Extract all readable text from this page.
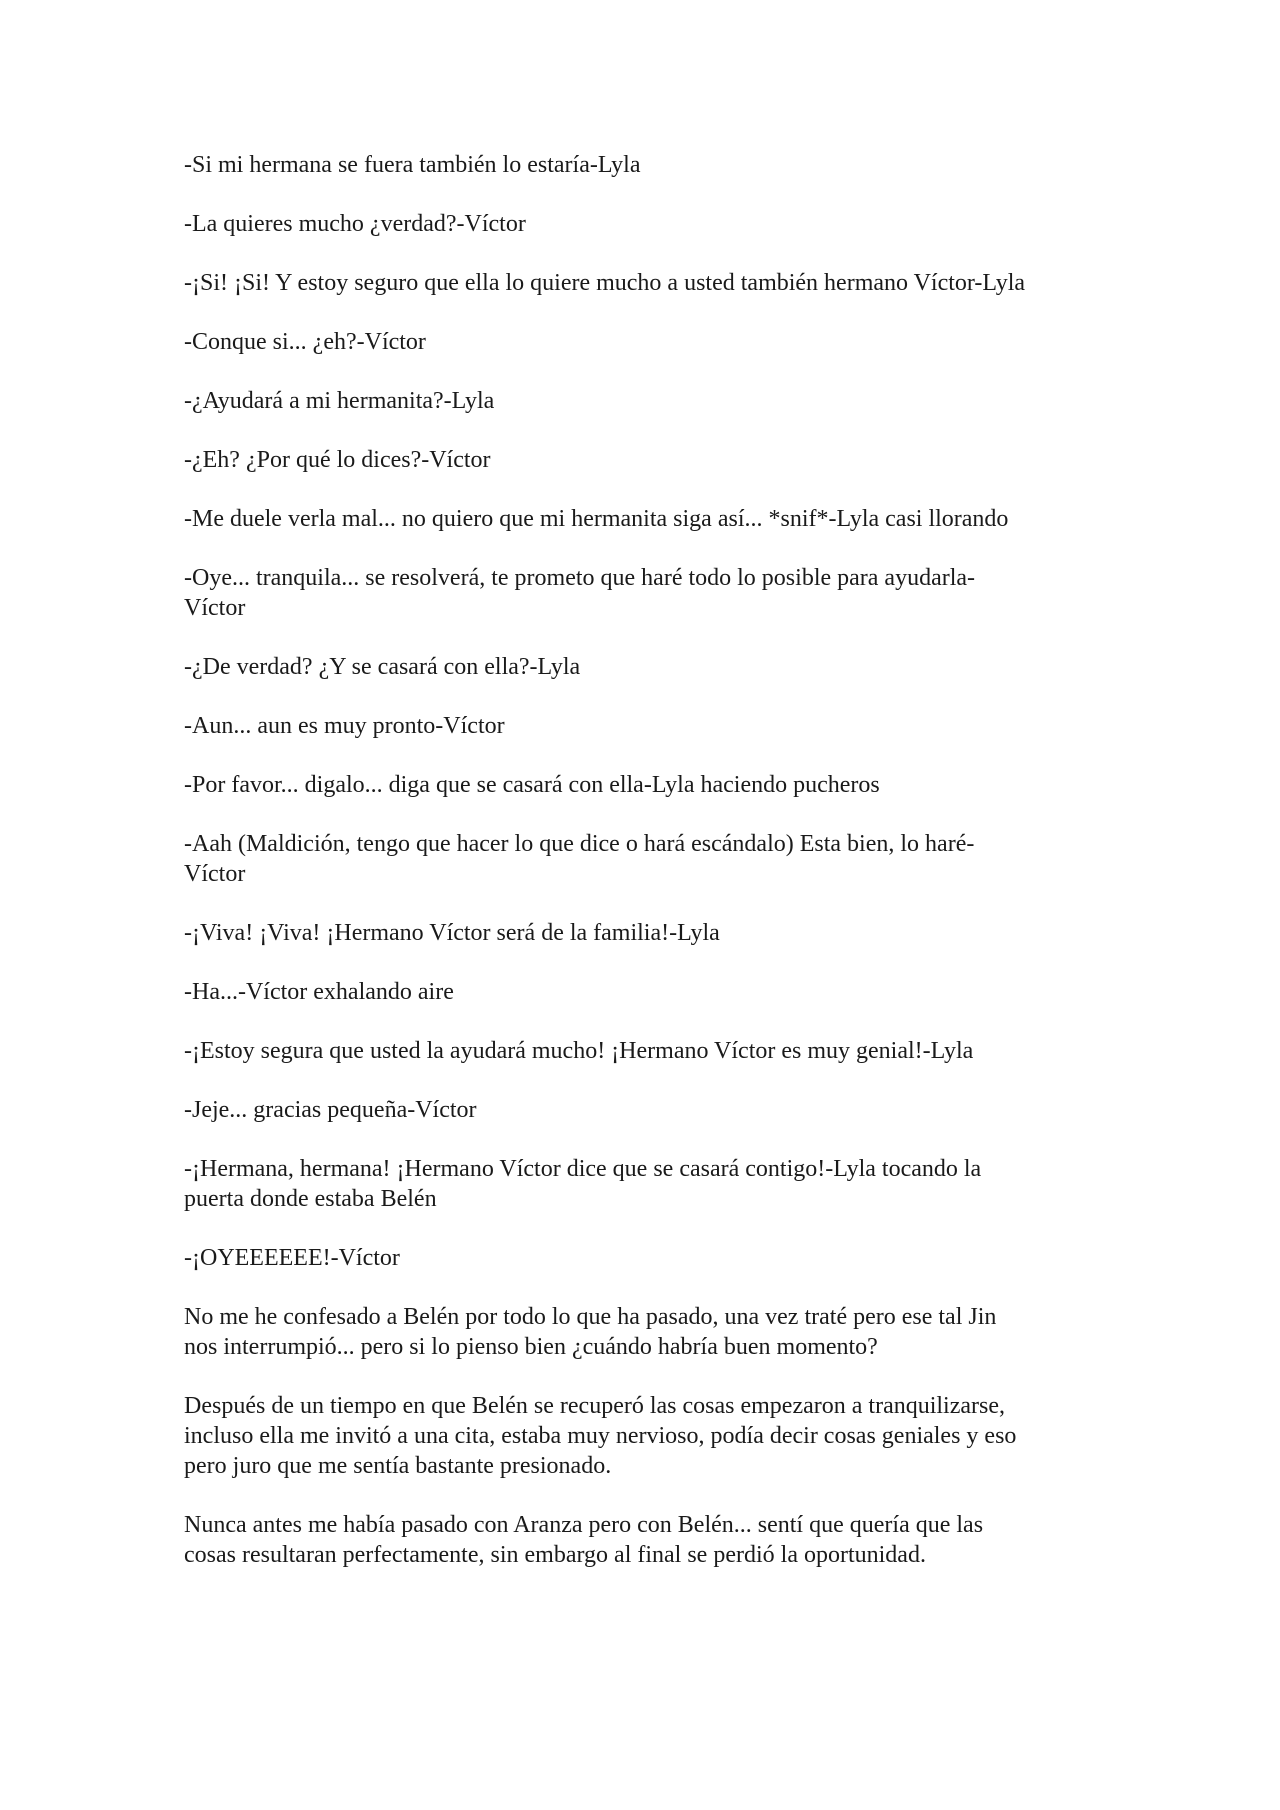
-Si mi hermana se fuera también lo estaría-Lyla

-La quieres mucho ¿verdad?-Víctor

-¡Si! ¡Si! Y estoy seguro que ella lo quiere mucho a usted también hermano Víctor-Lyla

-Conque si... ¿eh?-Víctor

-¿Ayudará a mi hermanita?-Lyla

-¿Eh? ¿Por qué lo dices?-Víctor

-Me duele verla mal... no quiero que mi hermanita siga así... *snif*-Lyla casi llorando

-Oye... tranquila... se resolverá, te prometo que haré todo lo posible para ayudarla-
Víctor

-¿De verdad? ¿Y se casará con ella?-Lyla

-Aun... aun es muy pronto-Víctor

-Por favor... digalo... diga que se casará con ella-Lyla haciendo pucheros

-Aah (Maldición, tengo que hacer lo que dice o hará escándalo) Esta bien, lo haré-
Víctor

-¡Viva! ¡Viva! ¡Hermano Víctor será de la familia!-Lyla

-Ha...-Víctor exhalando aire

-¡Estoy segura que usted la ayudará mucho! ¡Hermano Víctor es muy genial!-Lyla

-Jeje... gracias pequeña-Víctor

-¡Hermana, hermana! ¡Hermano Víctor dice que se casará contigo!-Lyla tocando la
puerta donde estaba Belén

-¡OYEEEEEE!-Víctor

No me he confesado a Belén por todo lo que ha pasado, una vez traté pero ese tal Jin
nos interrumpió... pero si lo pienso bien ¿cuándo habría buen momento?

Después de un tiempo en que Belén se recuperó las cosas empezaron a tranquilizarse,
incluso ella me invitó a una cita, estaba muy nervioso, podía decir cosas geniales y eso
pero juro que me sentía bastante presionado.

Nunca antes me había pasado con Aranza pero con Belén... sentí que quería que las
cosas resultaran perfectamente, sin embargo al final se perdió la oportunidad.
